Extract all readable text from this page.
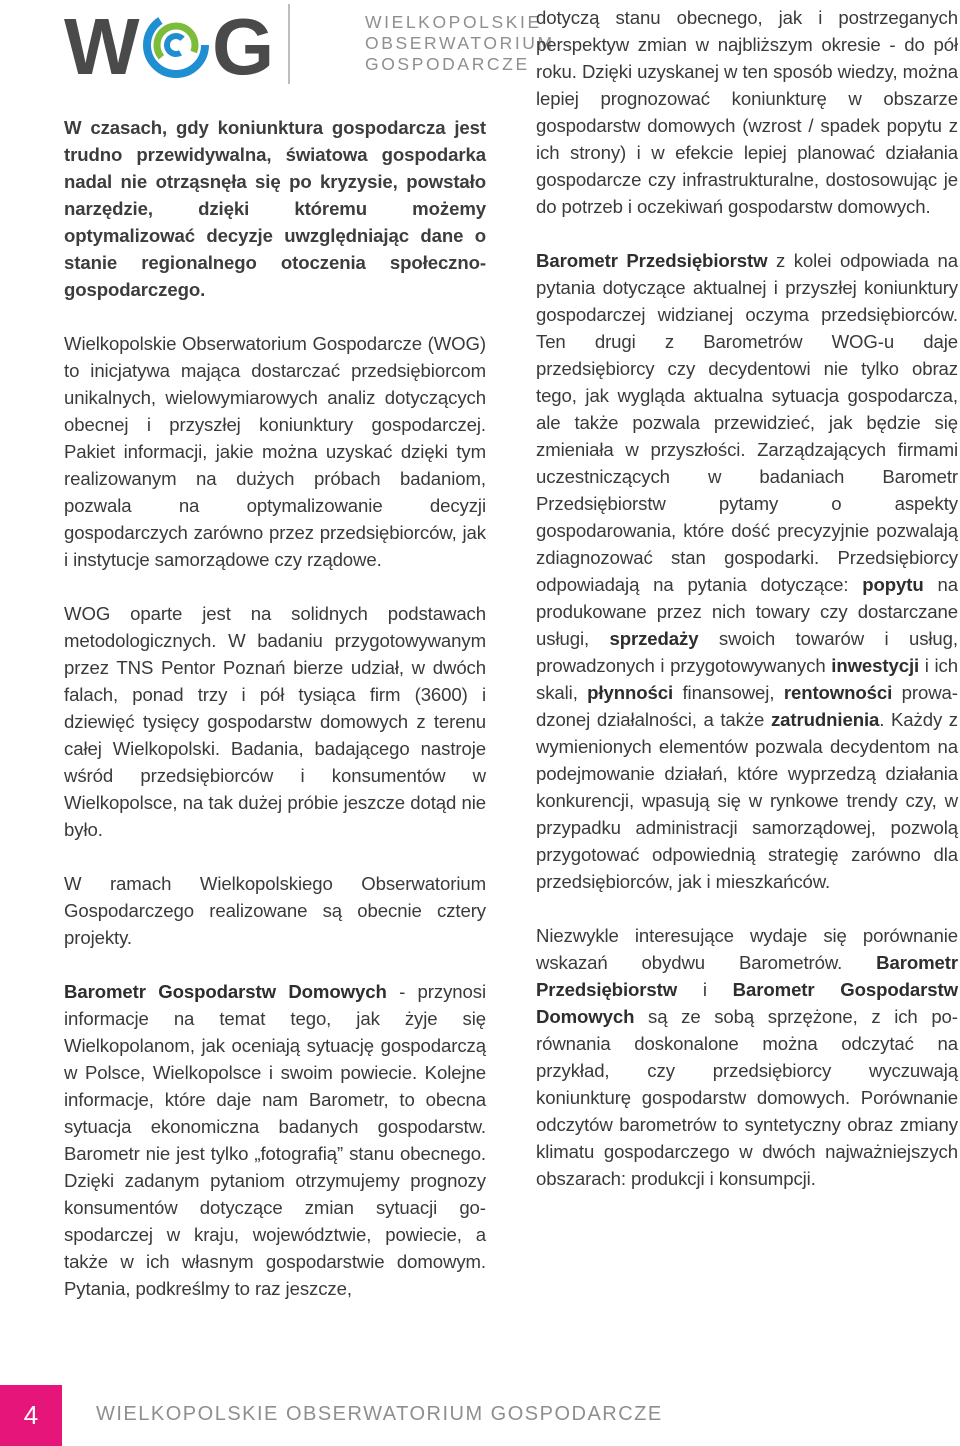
W G	WIELKOPOLSKIE
OBSERWATORIUM
GOSPODARCZE

W czasach, gdy koniunktura gospodarcza jest trudno przewidywalna, światowa gospodarka nadal nie otrząsnęła się po kryzysie, powstało narzędzie, dzięki któremu możemy optymalizować decyzje uwzględniając dane o stanie regionalnego otoczenia społeczno-gospodarczego.

Wielkopolskie Obserwatorium Gospodarcze (WOG) to inicjatywa mająca dostarczać przedsiębiorcom unikalnych, wielowymiarowych analiz dotyczących obecnej i przyszłej koniunktury gospodarczej. Pakiet informacji, jakie można uzyskać dzięki tym realizowanym na dużych próbach badaniom, pozwala na optymalizowanie decyzji gospodarczych zarówno przez przedsiębiorców, jak i instytucje samorządowe czy rządowe.

WOG oparte jest na solidnych podstawach metodologicznych. W badaniu przygotowywanym przez TNS Pentor Poznań bierze udział, w dwóch falach, ponad trzy i pół tysiąca firm (3600) i dziewięć tysięcy gospodarstw domowych z terenu całej Wielkopolski. Badania, badającego nastroje wśród przedsiębiorców i konsumentów w Wielkopolsce, na tak dużej próbie jeszcze dotąd nie było.

W ramach Wielkopolskiego Obserwatorium Gospodarczego realizowane są obecnie cztery projekty.

Barometr Gospodarstw Domowych - przynosi informacje na temat tego, jak żyje się Wielkopolanom, jak oceniają sytuację gospodarczą w Polsce, Wielkopolsce i swoim powiecie. Kolejne informacje, które daje nam Barometr, to obecna sytuacja ekonomiczna badanych gospodarstw. Barometr nie jest tylko „fotografią” stanu obecnego. Dzięki zadanym pytaniom otrzymujemy prognozy konsumentów dotyczące zmian sytuacji gospodarczej w kraju, województwie, powiecie, a także w ich własnym gospodarstwie domowym. Pytania, podkreślmy to raz jeszcze,

dotyczą stanu obecnego, jak i postrzeganych perspektyw zmian w najbliższym okresie - do pół roku. Dzięki uzyskanej w ten sposób wiedzy, można lepiej prognozować koniunkturę w obszarze gospodarstw domowych (wzrost / spadek popytu z ich strony) i w efekcie lepiej planować działania gospodarcze czy infrastrukturalne, dostosowując je do potrzeb i oczekiwań gospodarstw domowych.

Barometr Przedsiębiorstw z kolei odpowiada na pytania dotyczące aktualnej i przyszłej koniunktury gospodarczej widzianej oczyma przedsiębiorców. Ten drugi z Barometrów WOG-u daje przedsiębiorcy czy decydentowi nie tylko obraz tego, jak wygląda aktualna sytuacja gospodarcza, ale także pozwala przewidzieć, jak będzie się zmieniała w przyszłości. Zarządzających firmami uczestniczących w badaniach Barometr Przedsiębiorstw pytamy o aspekty gospodarowania, które dość precyzyjnie pozwalają zdiagnozować stan gospodarki. Przedsiębiorcy odpowiadają na pytania dotyczące: popytu na produkowane przez nich towary czy dostarczane usługi, sprzedaży swoich towarów i usług, prowadzonych i przygotowywanych inwestycji i ich skali, płynności finansowej, rentowności prowadzonej działalności, a także zatrudnienia. Każdy z wymienionych elementów pozwala decydentom na podejmowanie działań, które wyprzedzą działania konkurencji, wpasują się w rynkowe trendy czy, w przypadku administracji samorządowej, pozwolą przygotować odpowiednią strategię zarówno dla przedsiębiorców, jak i mieszkańców.

Niezwykle interesujące wydaje się porównanie wskazań obydwu Barometrów. Barometr Przedsiębiorstw i Barometr Gospodarstw Domowych są ze sobą sprzężone, z ich porównania doskonalone można odczytać na przykład, czy przedsiębiorcy wyczuwają koniunkturę gospodarstw domowych. Porównanie odczytów barometrów to syntetyczny obraz zmiany klimatu gospodarczego w dwóch najważniejszych obszarach: produkcji i konsumpcji.

4	WIELKOPOLSKIE OBSERWATORIUM GOSPODARCZE
